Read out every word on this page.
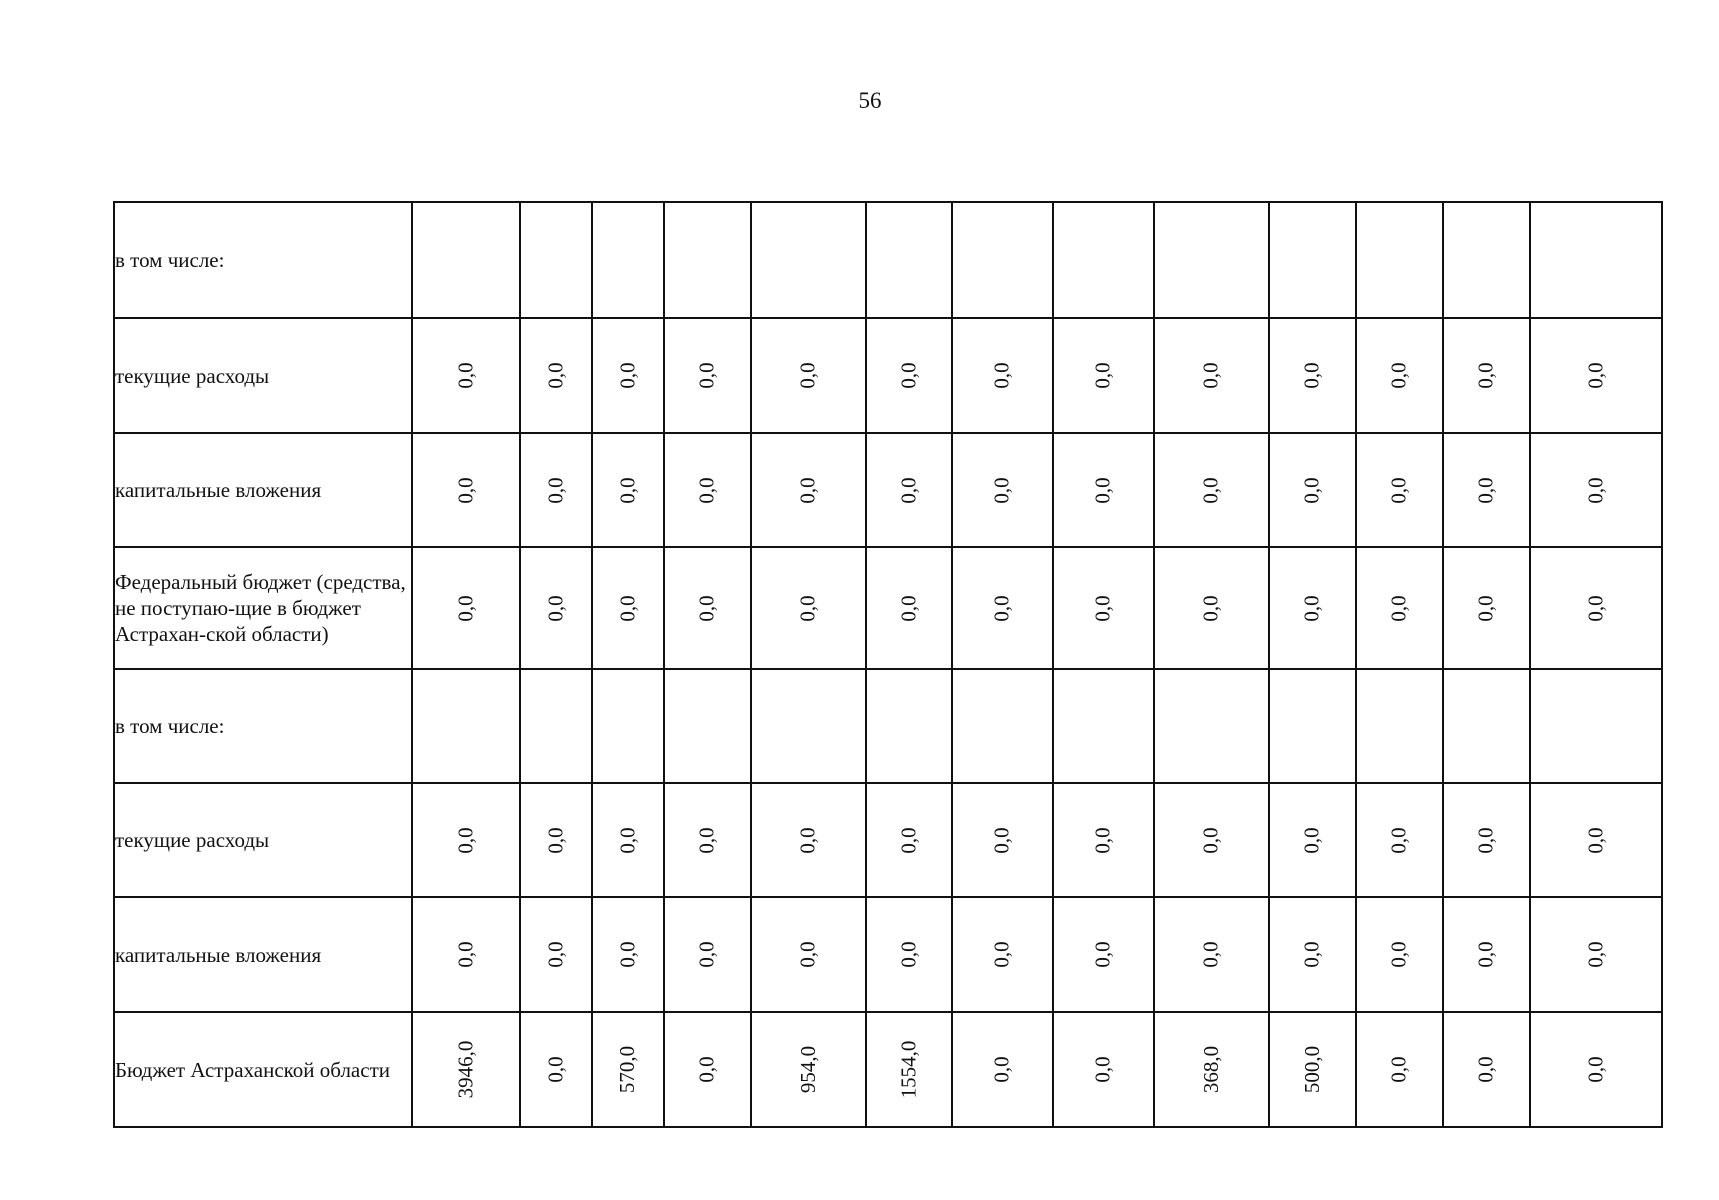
56
в том числе:													
текущие расходы	0,0	0,0	0,0	0,0	0,0	0,0	0,0	0,0	0,0	0,0	0,0	0,0	0,0
капитальные вложения	0,0	0,0	0,0	0,0	0,0	0,0	0,0	0,0	0,0	0,0	0,0	0,0	0,0
Федеральный бюджет (средства, не поступаю-щие в бюджет Астрахан-ской области)	0,0	0,0	0,0	0,0	0,0	0,0	0,0	0,0	0,0	0,0	0,0	0,0	0,0
в том числе:													
текущие расходы	0,0	0,0	0,0	0,0	0,0	0,0	0,0	0,0	0,0	0,0	0,0	0,0	0,0
капитальные вложения	0,0	0,0	0,0	0,0	0,0	0,0	0,0	0,0	0,0	0,0	0,0	0,0	0,0
Бюджет Астраханской области	3946,0	0,0	570,0	0,0	954,0	1554,0	0,0	0,0	368,0	500,0	0,0	0,0	0,0
